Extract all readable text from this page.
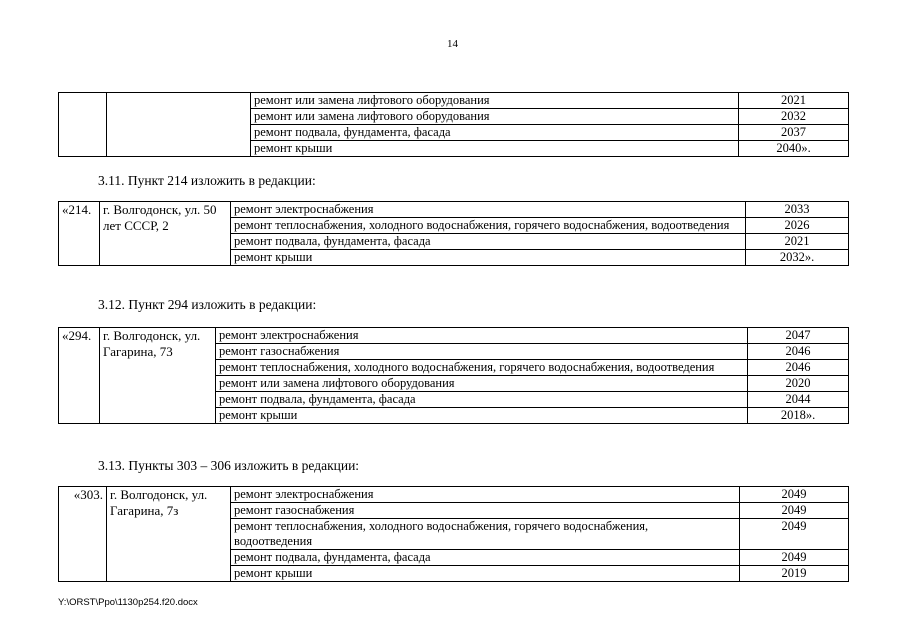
14
		ремонт или замена лифтового оборудования	2021
		ремонт или замена лифтового оборудования	2032
		ремонт подвала, фундамента, фасада	2037
		ремонт крыши	2040».
3.11. Пункт 214 изложить в редакции:
«214.	г. Волгодонск, ул. 50 лет СССР, 2	ремонт электроснабжения	2033
		ремонт теплоснабжения, холодного водоснабжения, горячего водоснабжения, водоотведения	2026
		ремонт подвала, фундамента, фасада	2021
		ремонт крыши	2032».
3.12. Пункт 294 изложить в редакции:
«294.	г. Волгодонск, ул. Гагарина, 73	ремонт электроснабжения	2047
		ремонт газоснабжения	2046
		ремонт теплоснабжения, холодного водоснабжения, горячего водоснабжения, водоотведения	2046
		ремонт или замена лифтового оборудования	2020
		ремонт подвала, фундамента, фасада	2044
		ремонт крыши	2018».
3.13. Пункты 303 – 306 изложить в редакции:
«303.	г. Волгодонск, ул. Гагарина, 7з	ремонт электроснабжения	2049
		ремонт газоснабжения	2049
		ремонт теплоснабжения, холодного водоснабжения, горячего водоснабжения, водоотведения	2049
		ремонт подвала, фундамента, фасада	2049
		ремонт крыши	2019
Y:\ORST\Ppo\1130p254.f20.docx
